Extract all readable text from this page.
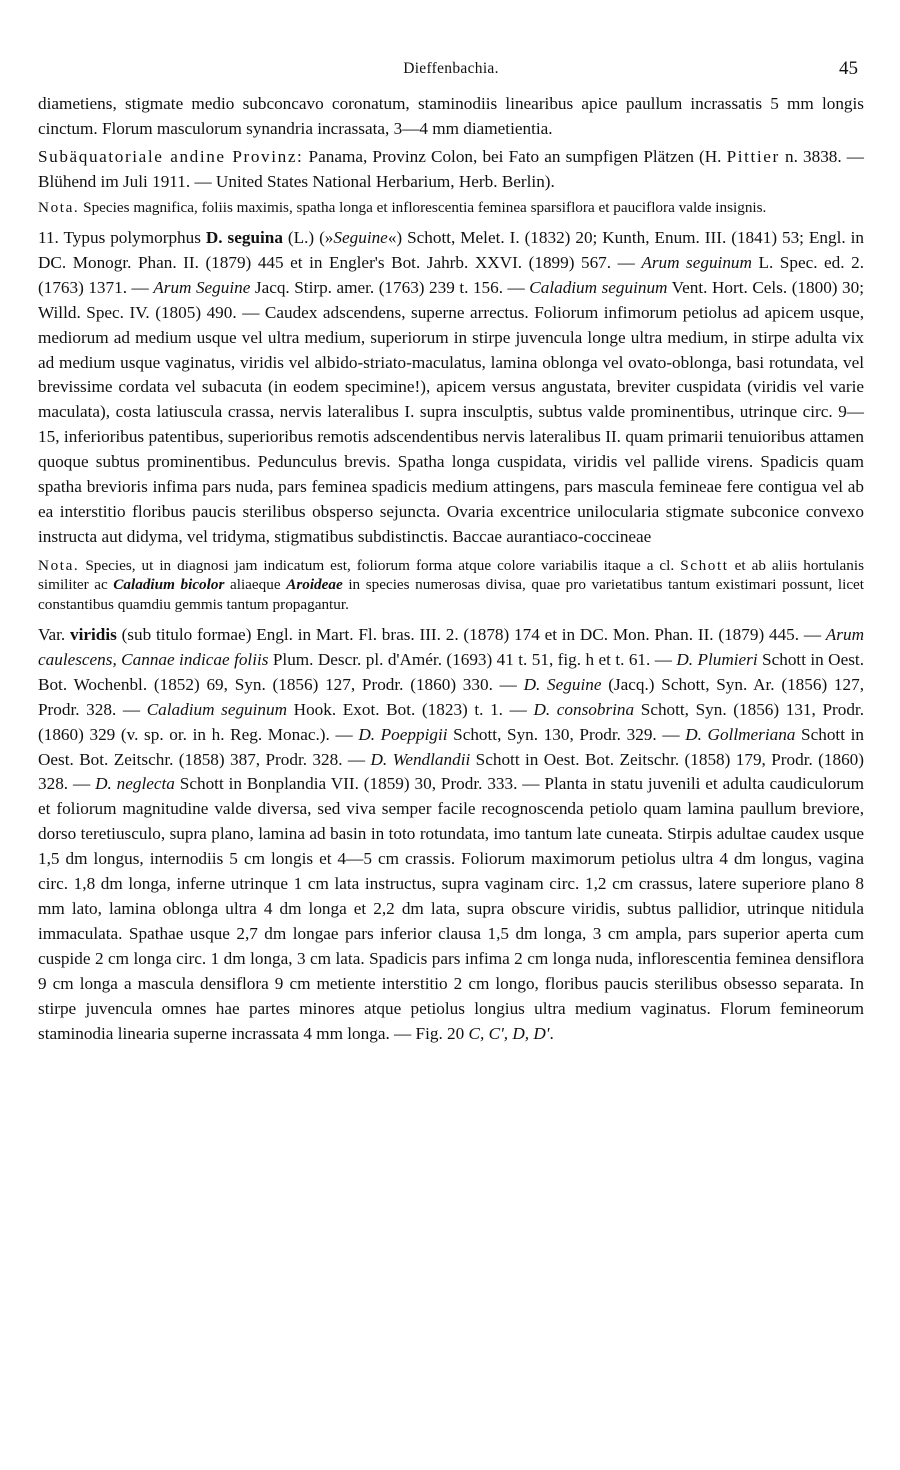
Dieffenbachia.	45

diametiens, stigmate medio subconcavo coronatum, staminodiis linearibus apice paullum incrassatis 5 mm longis cinctum. Florum masculorum synandria incrassata, 3—4 mm diametientia.

Subäquatoriale andine Provinz: Panama, Provinz Colon, bei Fato an sumpfigen Plätzen (H. Pittier n. 3838. — Blühend im Juli 1911. — United States National Herbarium, Herb. Berlin).

Nota. Species magnifica, foliis maximis, spatha longa et inflorescentia feminea sparsiflora et pauciflora valde insignis.

11. Typus polymorphus D. seguina (L.) (»Seguine«) Schott, Melet. I. (1832) 20; Kunth, Enum. III. (1841) 53; Engl. in DC. Monogr. Phan. II. (1879) 445 et in Engler's Bot. Jahrb. XXVI. (1899) 567. — Arum seguinum L. Spec. ed. 2. (1763) 1371. — Arum Seguine Jacq. Stirp. amer. (1763) 239 t. 156. — Caladium seguinum Vent. Hort. Cels. (1800) 30; Willd. Spec. IV. (1805) 490. — Caudex adscendens, superne arrectus. Foliorum infimorum petiolus ad apicem usque, mediorum ad medium usque vel ultra medium, superiorum in stirpe juvencula longe ultra medium, in stirpe adulta vix ad medium usque vaginatus, viridis vel albido-striato-maculatus, lamina oblonga vel ovato-oblonga, basi rotundata, vel brevissime cordata vel subacuta (in eodem specimine!), apicem versus angustata, breviter cuspidata (viridis vel varie maculata), costa latiuscula crassa, nervis lateralibus I. supra insculptis, subtus valde prominentibus, utrinque circ. 9—15, inferioribus patentibus, superioribus remotis adscendentibus nervis lateralibus II. quam primarii tenuioribus attamen quoque subtus prominentibus. Pedunculus brevis. Spatha longa cuspidata, viridis vel pallide virens. Spadicis quam spatha brevioris infima pars nuda, pars feminea spadicis medium attingens, pars mascula femineae fere contigua vel ab ea interstitio floribus paucis sterilibus obsperso sejuncta. Ovaria excentrice unilocularia stigmate subconice convexo instructa aut didyma, vel tridyma, stigmatibus subdistinctis. Baccae aurantiaco-coccineae

Nota. Species, ut in diagnosi jam indicatum est, foliorum forma atque colore variabilis itaque a cl. Schott et ab aliis hortulanis similiter ac Caladium bicolor aliaeque Aroideae in species numerosas divisa, quae pro varietatibus tantum existimari possunt, licet constantibus quamdiu gemmis tantum propagantur.

Var. viridis (sub titulo formae) Engl. in Mart. Fl. bras. III. 2. (1878) 174 et in DC. Mon. Phan. II. (1879) 445. — Arum caulescens, Cannae indicae foliis Plum. Descr. pl. d'Amér. (1693) 41 t. 51, fig. h et t. 61. — D. Plumieri Schott in Oest. Bot. Wochenbl. (1852) 69, Syn. (1856) 127, Prodr. (1860) 330. — D. Seguine (Jacq.) Schott, Syn. Ar. (1856) 127, Prodr. 328. — Caladium seguinum Hook. Exot. Bot. (1823) t. 1. — D. consobrina Schott, Syn. (1856) 131, Prodr. (1860) 329 (v. sp. or. in h. Reg. Monac.). — D. Poeppigii Schott, Syn. 130, Prodr. 329. — D. Gollmeriana Schott in Oest. Bot. Zeitschr. (1858) 387, Prodr. 328. — D. Wendlandii Schott in Oest. Bot. Zeitschr. (1858) 179, Prodr. (1860) 328. — D. neglecta Schott in Bonplandia VII. (1859) 30, Prodr. 333. — Planta in statu juvenili et adulta caudiculorum et foliorum magnitudine valde diversa, sed viva semper facile recognoscenda petiolo quam lamina paullum breviore, dorso teretiusculo, supra plano, lamina ad basin in toto rotundata, imo tantum late cuneata. Stirpis adultae caudex usque 1,5 dm longus, internodiis 5 cm longis et 4—5 cm crassis. Foliorum maximorum petiolus ultra 4 dm longus, vagina circ. 1,8 dm longa, inferne utrinque 1 cm lata instructus, supra vaginam circ. 1,2 cm crassus, latere superiore plano 8 mm lato, lamina oblonga ultra 4 dm longa et 2,2 dm lata, supra obscure viridis, subtus pallidior, utrinque nitidula immaculata. Spathae usque 2,7 dm longae pars inferior clausa 1,5 dm longa, 3 cm ampla, pars superior aperta cum cuspide 2 cm longa circ. 1 dm longa, 3 cm lata. Spadicis pars infima 2 cm longa nuda, inflorescentia feminea densiflora 9 cm longa a mascula densiflora 9 cm metiente interstitio 2 cm longo, floribus paucis sterilibus obsesso separata. In stirpe juvencula omnes hae partes minores atque petiolus longius ultra medium vaginatus. Florum femineorum staminodia linearia superne incrassata 4 mm longa. — Fig. 20 C, C', D, D'.
